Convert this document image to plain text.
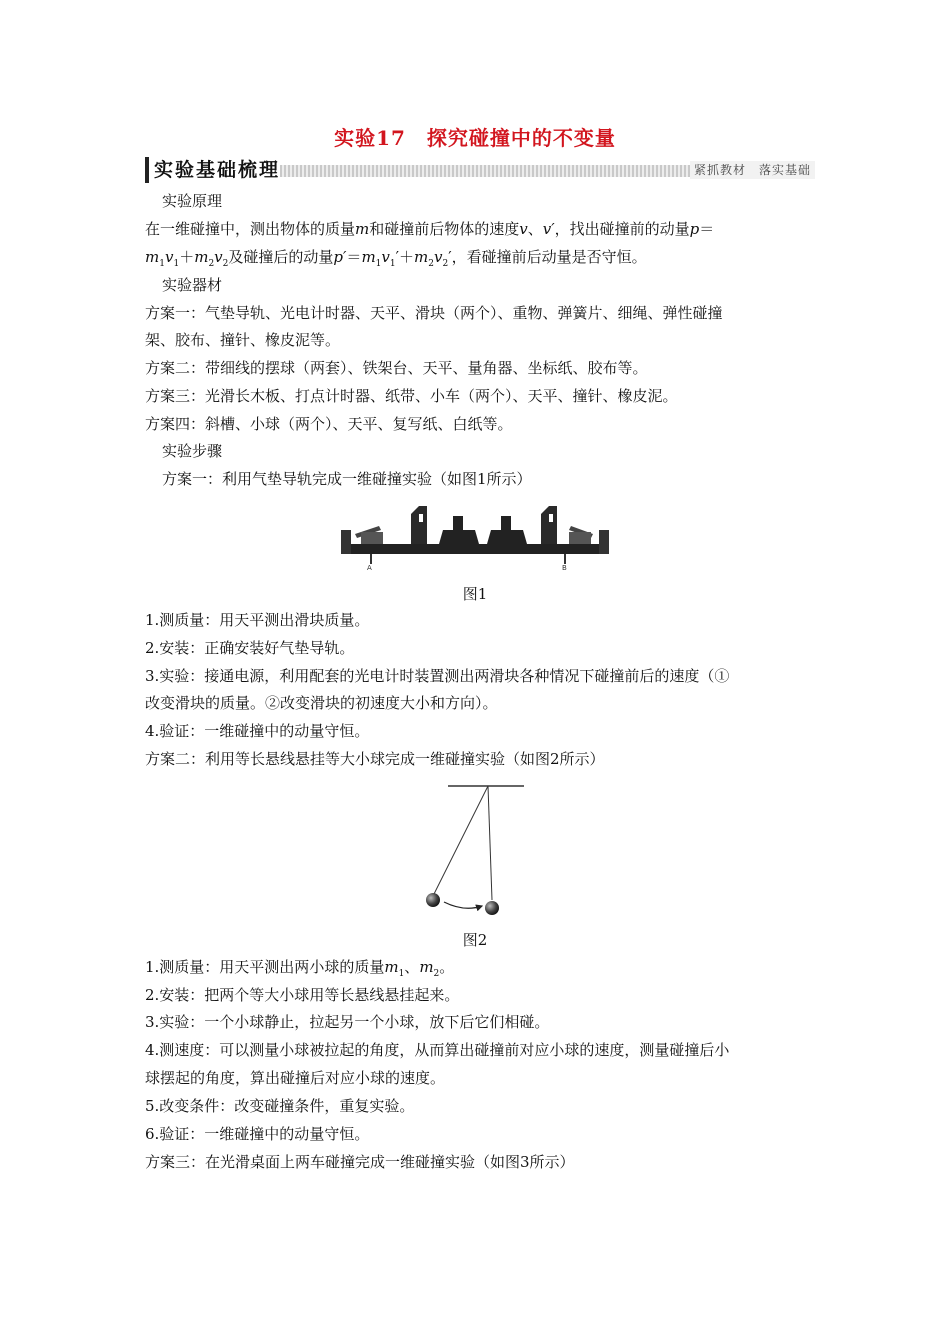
实验17　探究碰撞中的不变量
实验基础梳理	紧抓教材　落实基础
实验原理
在一维碰撞中，测出物体的质量m和碰撞前后物体的速度v、v′，找出碰撞前的动量p＝
$m_1v_1+m_2v_2$及碰撞后的动量$p'=m_1v_1'+m_2v_2'$，看碰撞前后动量是否守恒。
实验器材
方案一：气垫导轨、光电计时器、天平、滑块（两个）、重物、弹簧片、细绳、弹性碰撞
架、胶布、撞针、橡皮泥等。
方案二：带细线的摆球（两套）、铁架台、天平、量角器、坐标纸、胶布等。
方案三：光滑长木板、打点计时器、纸带、小车（两个）、天平、撞针、橡皮泥。
方案四：斜槽、小球（两个）、天平、复写纸、白纸等。
实验步骤
方案一：利用气垫导轨完成一维碰撞实验（如图1所示）
A	B
图1
1.测质量：用天平测出滑块质量。
2.安装：正确安装好气垫导轨。
3.实验：接通电源，利用配套的光电计时装置测出两滑块各种情况下碰撞前后的速度（①
改变滑块的质量。②改变滑块的初速度大小和方向）。
4.验证：一维碰撞中的动量守恒。
方案二：利用等长悬线悬挂等大小球完成一维碰撞实验（如图2所示）
图2
1.测质量：用天平测出两小球的质量$m_1$、$m_2$。
2.安装：把两个等大小球用等长悬线悬挂起来。
3.实验：一个小球静止，拉起另一个小球，放下后它们相碰。
4.测速度：可以测量小球被拉起的角度，从而算出碰撞前对应小球的速度，测量碰撞后小
球摆起的角度，算出碰撞后对应小球的速度。
5.改变条件：改变碰撞条件，重复实验。
6.验证：一维碰撞中的动量守恒。
方案三：在光滑桌面上两车碰撞完成一维碰撞实验（如图3所示）
